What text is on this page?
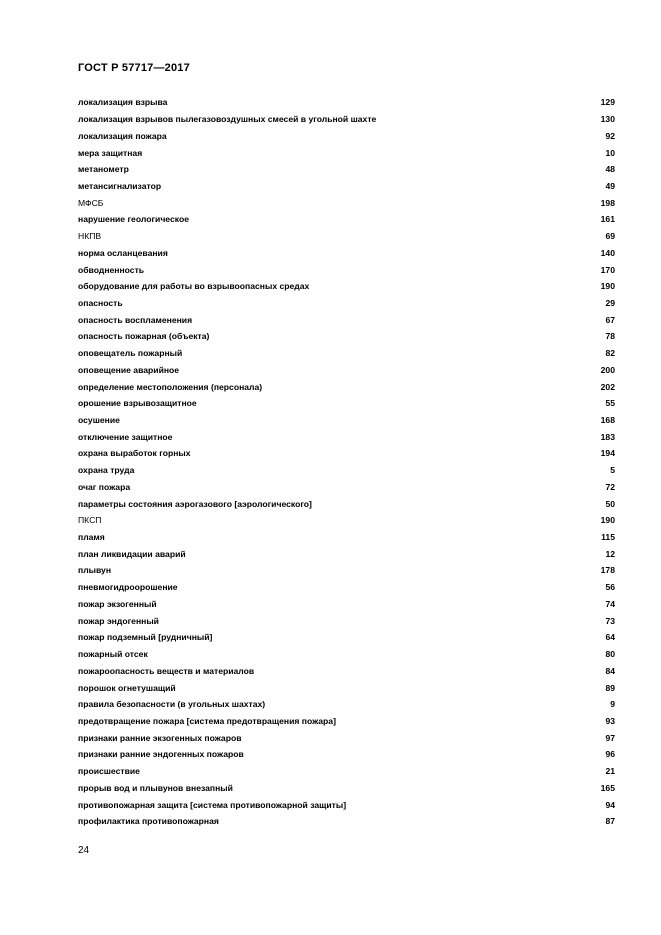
ГОСТ Р 57717—2017
локализация взрыва	129
локализация взрывов пылегазовоздушных смесей в угольной шахте	130
локализация пожара	92
мера защитная	10
метанометр	48
метансигнализатор	49
МФСБ	198
нарушение геологическое	161
НКПВ	69
норма осланцевания	140
обводненность	170
оборудование для работы во взрывоопасных средах	190
опасность	29
опасность воспламенения	67
опасность пожарная (объекта)	78
оповещатель пожарный	82
оповещение аварийное	200
определение местоположения (персонала)	202
орошение взрывозащитное	55
осушение	168
отключение защитное	183
охрана выработок горных	194
охрана труда	5
очаг пожара	72
параметры состояния аэрогазового [аэрологического]	50
ПКСП	190
пламя	115
план ликвидации аварий	12
плывун	178
пневмогидроорошение	56
пожар экзогенный	74
пожар эндогенный	73
пожар подземный [рудничный]	64
пожарный отсек	80
пожароопасность веществ и материалов	84
порошок огнетушащий	89
правила безопасности (в угольных шахтах)	9
предотвращение пожара [система предотвращения пожара]	93
признаки ранние экзогенных пожаров	97
признаки ранние эндогенных пожаров	96
происшествие	21
прорыв вод и плывунов внезапный	165
противопожарная защита [система противопожарной защиты]	94
профилактика противопожарная	87
24
